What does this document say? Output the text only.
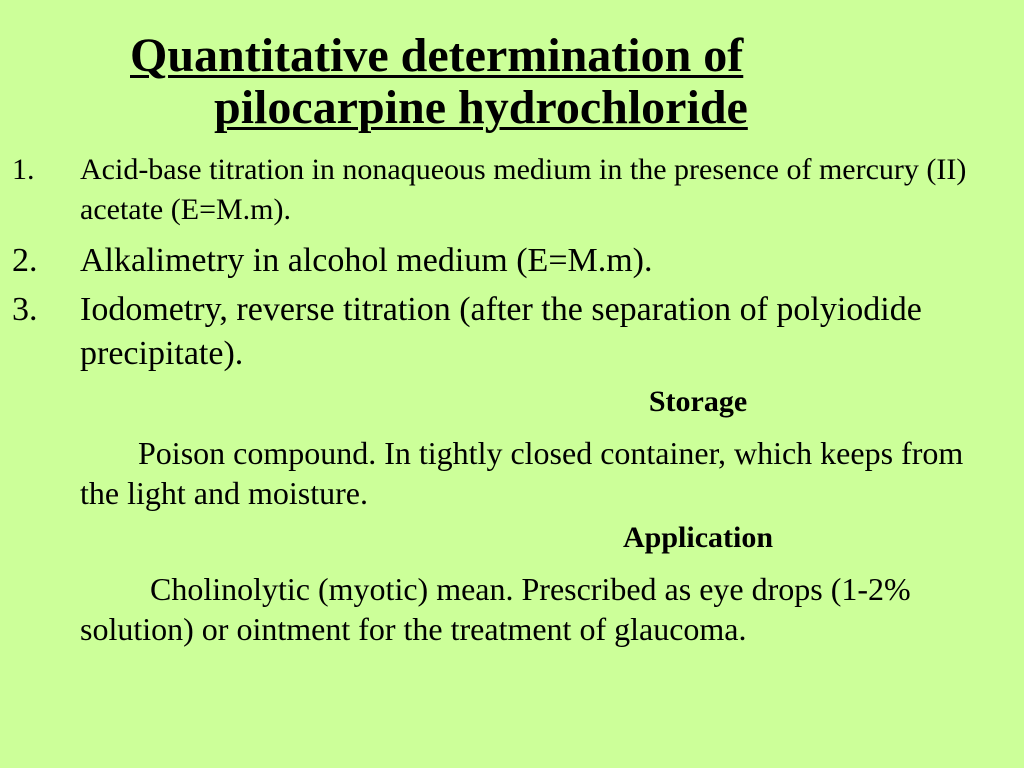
Quantitative determination of
pilocarpine hydrochloride
1. Acid-base titration in nonaqueous medium in the presence of mercury (II) acetate (E=M.m).
2. Alkalimetry in alcohol medium (E=M.m).
3. Iodometry, reverse titration (after the separation of polyiodide precipitate).
Storage
Poison compound. In tightly closed container, which keeps from the light and moisture.
Application
Cholinolytic (myotic) mean. Prescribed as eye drops (1-2% solution) or ointment for the treatment of glaucoma.
